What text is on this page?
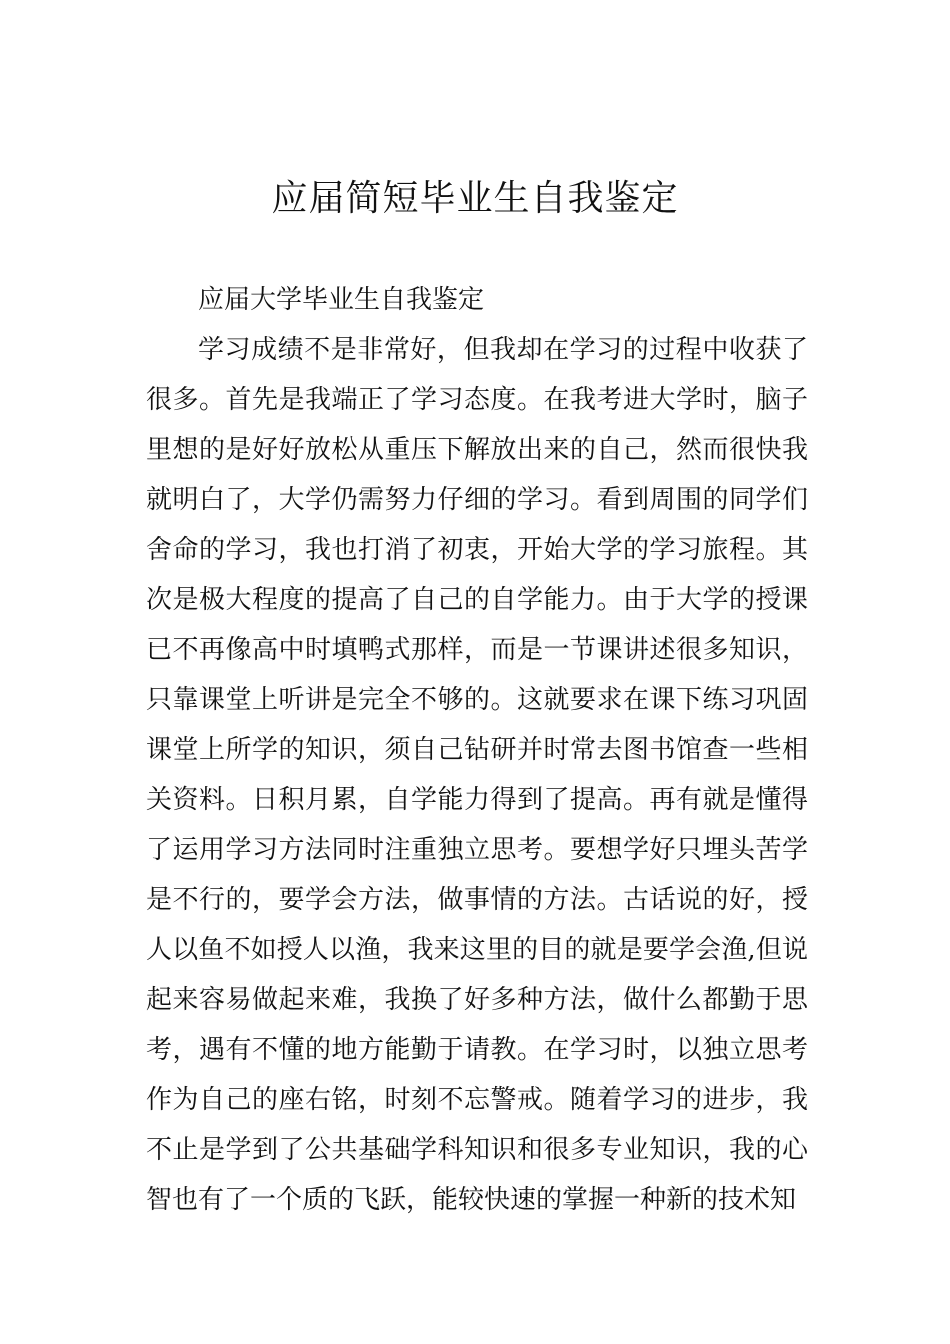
应届简短毕业生自我鉴定

应届大学毕业生自我鉴定

学习成绩不是非常好，但我却在学习的过程中收获了很多。首先是我端正了学习态度。在我考进大学时，脑子里想的是好好放松从重压下解放出来的自己，然而很快我就明白了，大学仍需努力仔细的学习。看到周围的同学们舍命的学习，我也打消了初衷，开始大学的学习旅程。其次是极大程度的提高了自己的自学能力。由于大学的授课已不再像高中时填鸭式那样，而是一节课讲述很多知识，只靠课堂上听讲是完全不够的。这就要求在课下练习巩固课堂上所学的知识，须自己钻研并时常去图书馆查一些相关资料。日积月累，自学能力得到了提高。再有就是懂得了运用学习方法同时注重独立思考。要想学好只埋头苦学是不行的，要学会方法，做事情的方法。古话说的好，授人以鱼不如授人以渔，我来这里的目的就是要学会渔,但说起来容易做起来难，我换了好多种方法，做什么都勤于思考，遇有不懂的地方能勤于请教。在学习时，以独立思考作为自己的座右铭，时刻不忘警戒。随着学习的进步，我不止是学到了公共基础学科知识和很多专业知识，我的心智也有了一个质的飞跃，能较快速的掌握一种新的技术知
